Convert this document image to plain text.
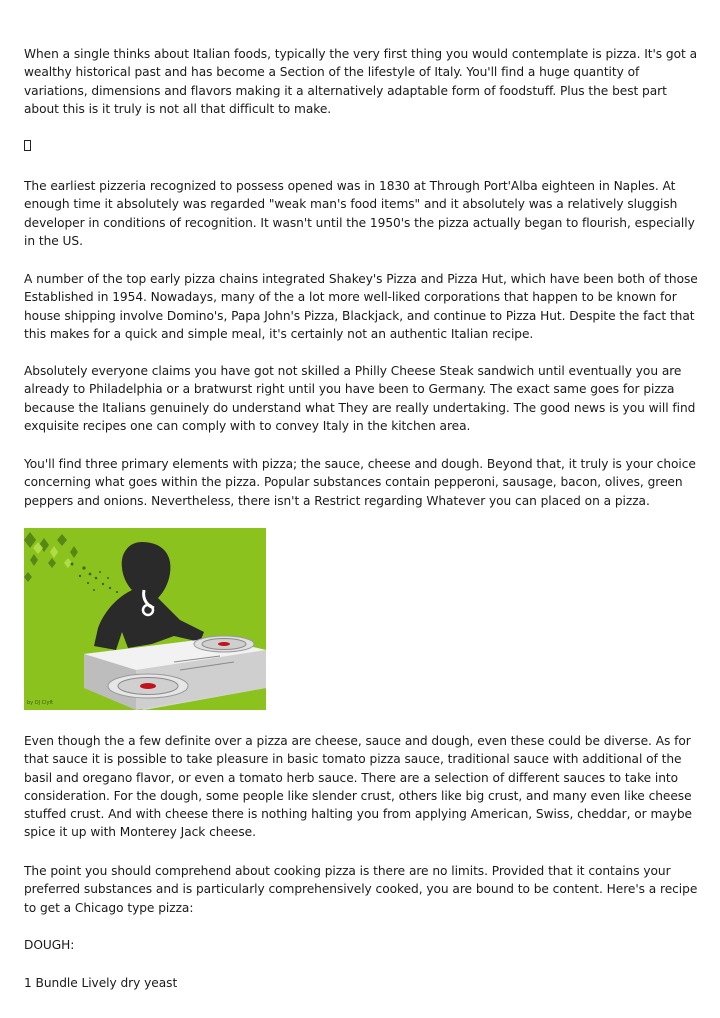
When a single thinks about Italian foods, typically the very first thing you would contemplate is pizza. It's got a wealthy historical past and has become a Section of the lifestyle of Italy. You'll find a huge quantity of variations, dimensions and flavors making it a alternatively adaptable form of foodstuff. Plus the best part about this is it truly is not all that difficult to make.

The earliest pizzeria recognized to possess opened was in 1830 at Through Port'Alba eighteen in Naples. At enough time it absolutely was regarded "weak man's food items" and it absolutely was a relatively sluggish developer in conditions of recognition. It wasn't until the 1950's the pizza actually began to flourish, especially in the US.

A number of the top early pizza chains integrated Shakey's Pizza and Pizza Hut, which have been both of those Established in 1954. Nowadays, many of the a lot more well-liked corporations that happen to be known for house shipping involve Domino's, Papa John's Pizza, Blackjack, and continue to Pizza Hut. Despite the fact that this makes for a quick and simple meal, it's certainly not an authentic Italian recipe.

Absolutely everyone claims you have got not skilled a Philly Cheese Steak sandwich until eventually you are already to Philadelphia or a bratwurst right until you have been to Germany. The exact same goes for pizza because the Italians genuinely do understand what They are really undertaking. The good news is you will find exquisite recipes one can comply with to convey Italy in the kitchen area.

You'll find three primary elements with pizza; the sauce, cheese and dough. Beyond that, it truly is your choice concerning what goes within the pizza. Popular substances contain pepperoni, sausage, bacon, olives, green peppers and onions. Nevertheless, there isn't a Restrict regarding Whatever you can placed on a pizza.

by DJ Clyft

Even though the a few definite over a pizza are cheese, sauce and dough, even these could be diverse. As for that sauce it is possible to take pleasure in basic tomato pizza sauce, traditional sauce with additional of the basil and oregano flavor, or even a tomato herb sauce. There are a selection of different sauces to take into consideration. For the dough, some people like slender crust, others like big crust, and many even like cheese stuffed crust. And with cheese there is nothing halting you from applying American, Swiss, cheddar, or maybe spice it up with Monterey Jack cheese.

The point you should comprehend about cooking pizza is there are no limits. Provided that it contains your preferred substances and is particularly comprehensively cooked, you are bound to be content. Here's a recipe to get a Chicago type pizza:

DOUGH:

1 Bundle Lively dry yeast
